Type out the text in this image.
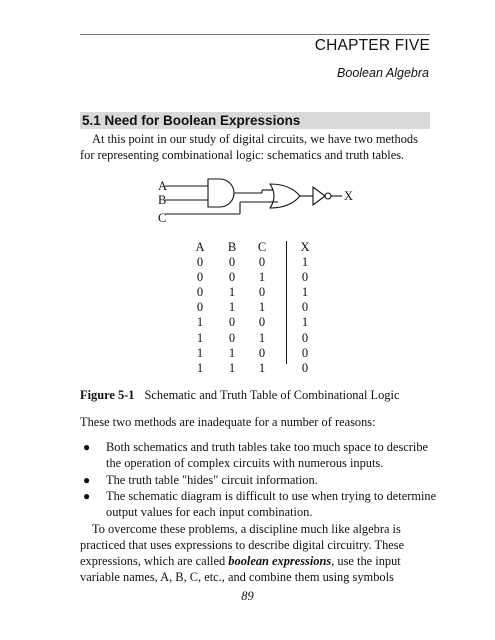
CHAPTER FIVE
Boolean Algebra
5.1 Need for Boolean Expressions
At this point in our study of digital circuits, we have two methods for representing combinational logic: schematics and truth tables.
A
B
C
X
A	B	C	X
0	0	0	1
0	0	1	0
0	1	0	1
0	1	1	0
1	0	0	1
1	0	1	0
1	1	0	0
1	1	1	0
Figure 5-1 Schematic and Truth Table of Combinational Logic
These two methods are inadequate for a number of reasons:
● Both schematics and truth tables take too much space to describe the operation of complex circuits with numerous inputs.
● The truth table "hides" circuit information.
● The schematic diagram is difficult to use when trying to determine output values for each input combination.
To overcome these problems, a discipline much like algebra is practiced that uses expressions to describe digital circuitry. These expressions, which are called boolean expressions, use the input variable names, A, B, C, etc., and combine them using symbols
89
